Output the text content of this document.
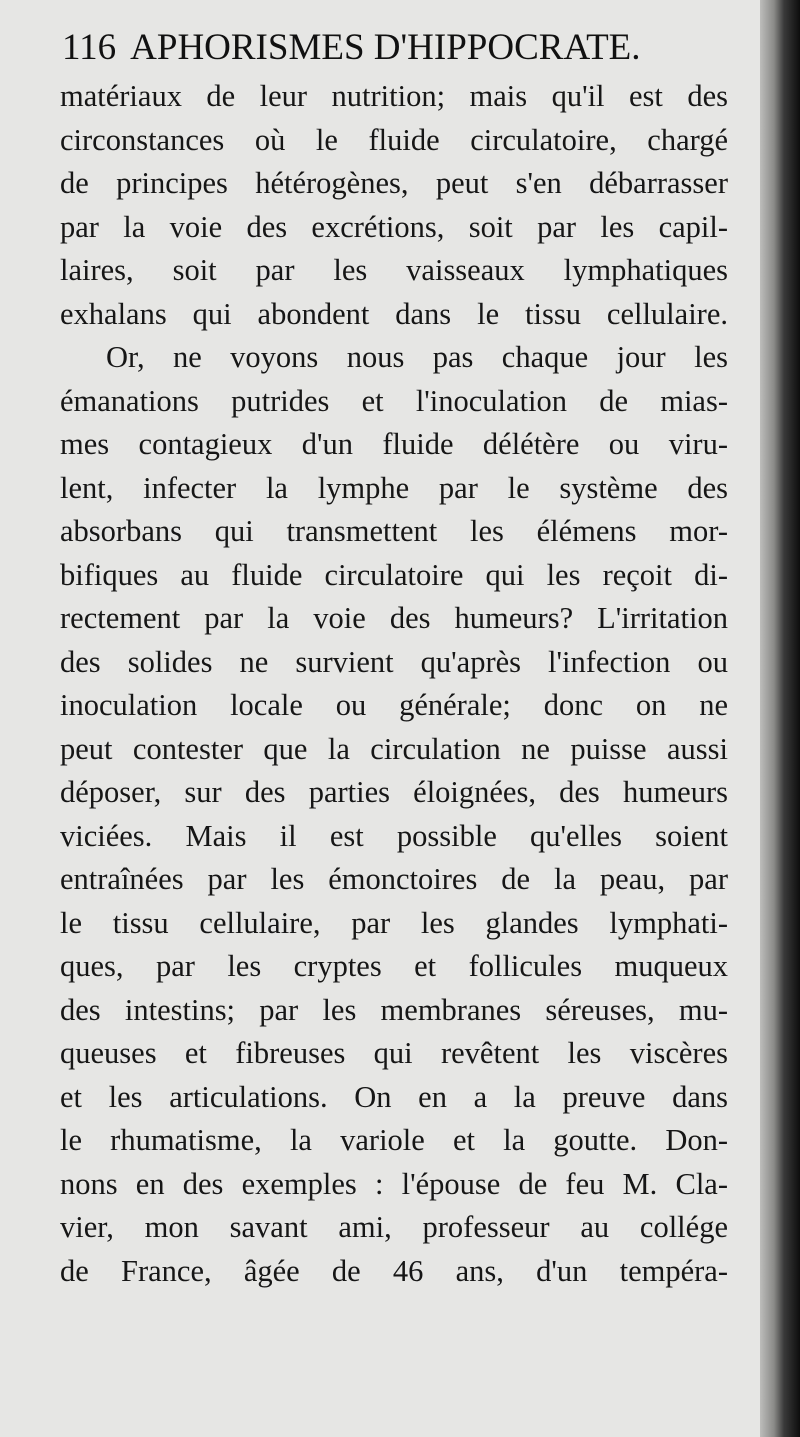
116 APHORISMES D'HIPPOCRATE.
matériaux de leur nutrition; mais qu'il est des
circonstances où le fluide circulatoire, chargé
de principes hétérogènes, peut s'en débarrasser
par la voie des excrétions, soit par les capil-
laires, soit par les vaisseaux lymphatiques
exhalans qui abondent dans le tissu cellulaire.
Or, ne voyons nous pas chaque jour les
émanations putrides et l'inoculation de mias-
mes contagieux d'un fluide délétère ou viru-
lent, infecter la lymphe par le système des
absorbans qui transmettent les élémens mor-
bifiques au fluide circulatoire qui les reçoit di-
rectement par la voie des humeurs? L'irritation
des solides ne survient qu'après l'infection ou
inoculation locale ou générale; donc on ne
peut contester que la circulation ne puisse aussi
déposer, sur des parties éloignées, des humeurs
viciées. Mais il est possible qu'elles soient
entraînées par les émonctoires de la peau, par
le tissu cellulaire, par les glandes lymphati-
ques, par les cryptes et follicules muqueux
des intestins; par les membranes séreuses, mu-
queuses et fibreuses qui revêtent les viscères
et les articulations. On en a la preuve dans
le rhumatisme, la variole et la goutte. Don-
nons en des exemples : l'épouse de feu M. Cla-
vier, mon savant ami, professeur au collége
de France, âgée de 46 ans, d'un tempéra-
